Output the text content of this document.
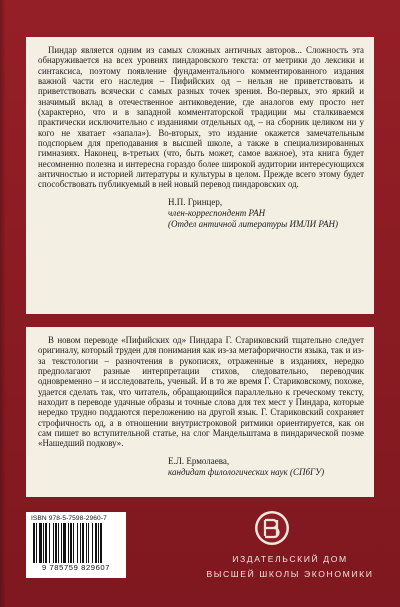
Пиндар является одним из самых сложных античных авторов... Сложность эта обнаруживается на всех уровнях пиндаровского текста: от метрики до лексики и синтаксиса, поэтому появление фундаментального комментированного издания важной части его наследия – Пифийских од – нельзя не приветствовать и приветствовать всячески с самых разных точек зрения. Во-первых, это яркий и значимый вклад в отечественное антиковедение, где аналогов ему просто нет (характерно, что и в западной комментаторской традиции мы сталкиваемся практически исключительно с изданиями отдельных од, – на сборник целиком ни у кого не хватает «запала»). Во-вторых, это издание окажется замечательным подспорьем для преподавания в высшей школе, а также в специализированных гимназиях. Наконец, в-третьих (что, быть может, самое важное), эта книга будет несомненно полезна и интересна гораздо более широкой аудитории интересующихся античностью и историей литературы и культуры в целом. Прежде всего этому будет способствовать публикуемый в ней новый перевод пиндаровских од.

Н.П. Гринцер,
член-корреспондент РАН
(Отдел античной литературы ИМЛИ РАН)

В новом переводе «Пифийских од» Пиндара Г. Стариковский тщательно следует оригиналу, который труден для понимания как из-за метафоричности языка, так и из-за текстологии – разночтения в рукописях, отраженные в изданиях, нередко предполагают разные интерпретации стихов, следовательно, переводчик одновременно – и исследователь, ученый. И в то же время Г. Стариковскому, похоже, удается сделать так, что читатель, обращающийся параллельно к греческому тексту, находит в переводе удачные образы и точные слова для тех мест у Пиндара, которые нередко трудно поддаются переложению на другой язык. Г. Стариковский сохраняет строфичность од, а в отношении внутристроковой ритмики ориентируется, как он сам пишет во вступительной статье, на слог Мандельштама в пиндарической поэме «Нашедший подкову».

Е.Л. Ермолаева,
кандидат филологических наук (СПбГУ)
ISBN 978-5-7598-2960-7
9 785759 829607
ИЗДАТЕЛЬСКИЙ ДОМ
ВЫСШЕЙ ШКОЛЫ ЭКОНОМИКИ
